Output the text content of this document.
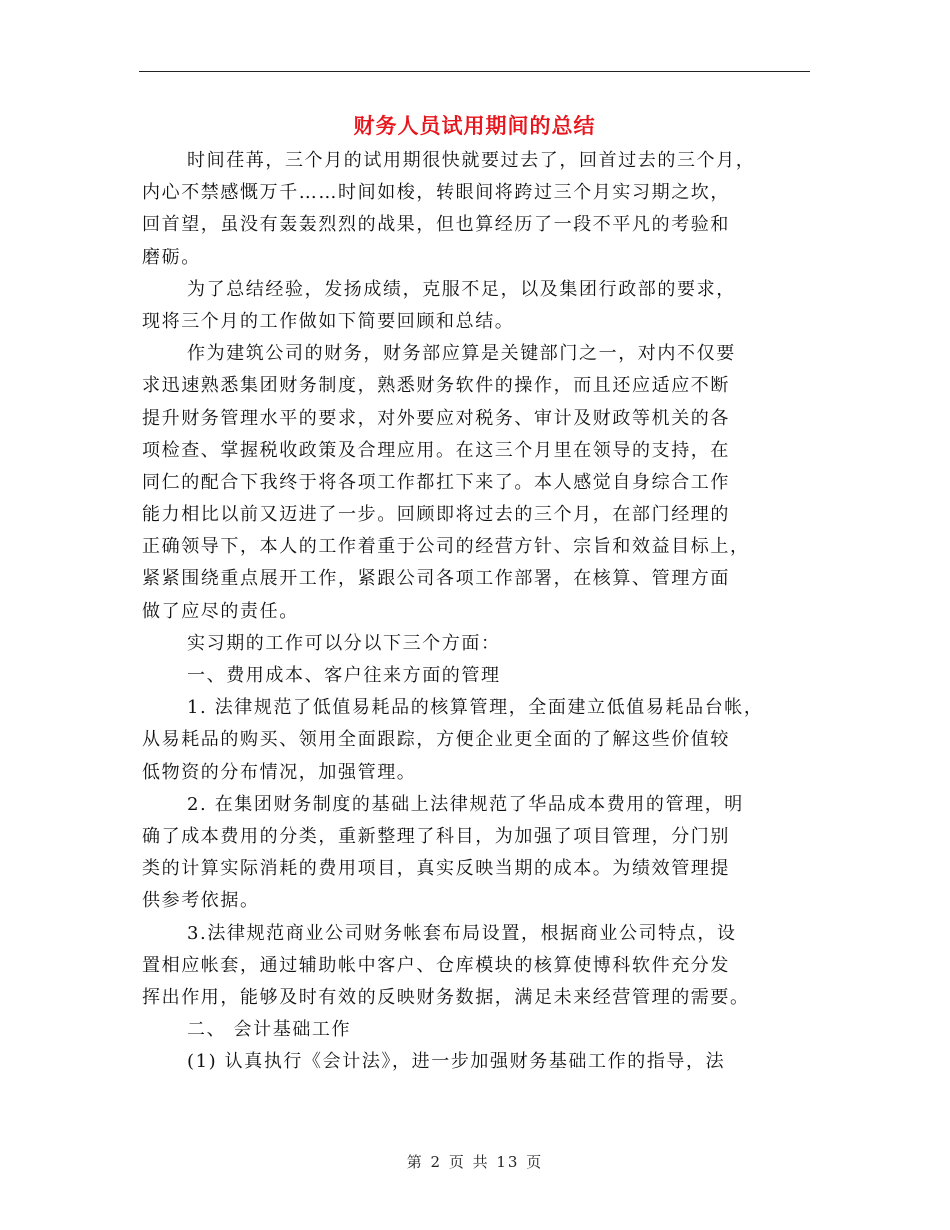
财务人员试用期间的总结
时间荏苒，三个月的试用期很快就要过去了，回首过去的三个月，
内心不禁感慨万千……时间如梭，转眼间将跨过三个月实习期之坎，
回首望，虽没有轰轰烈烈的战果，但也算经历了一段不平凡的考验和
磨砺。
为了总结经验，发扬成绩，克服不足，以及集团行政部的要求，
现将三个月的工作做如下简要回顾和总结。
作为建筑公司的财务，财务部应算是关键部门之一，对内不仅要
求迅速熟悉集团财务制度，熟悉财务软件的操作，而且还应适应不断
提升财务管理水平的要求，对外要应对税务、审计及财政等机关的各
项检查、掌握税收政策及合理应用。在这三个月里在领导的支持，在
同仁的配合下我终于将各项工作都扛下来了。本人感觉自身综合工作
能力相比以前又迈进了一步。回顾即将过去的三个月，在部门经理的
正确领导下，本人的工作着重于公司的经营方针、宗旨和效益目标上，
紧紧围绕重点展开工作，紧跟公司各项工作部署，在核算、管理方面
做了应尽的责任。
实习期的工作可以分以下三个方面：
一、费用成本、客户往来方面的管理
1. 法律规范了低值易耗品的核算管理，全面建立低值易耗品台帐，
从易耗品的购买、领用全面跟踪，方便企业更全面的了解这些价值较
低物资的分布情况，加强管理。
2. 在集团财务制度的基础上法律规范了华品成本费用的管理，明
确了成本费用的分类，重新整理了科目，为加强了项目管理，分门别
类的计算实际消耗的费用项目，真实反映当期的成本。为绩效管理提
供参考依据。
3.法律规范商业公司财务帐套布局设置，根据商业公司特点，设
置相应帐套，通过辅助帐中客户、仓库模块的核算使博科软件充分发
挥出作用，能够及时有效的反映财务数据，满足未来经营管理的需要。
二、 会计基础工作
(1) 认真执行《会计法》，进一步加强财务基础工作的指导，法
第 2 页 共 13 页
